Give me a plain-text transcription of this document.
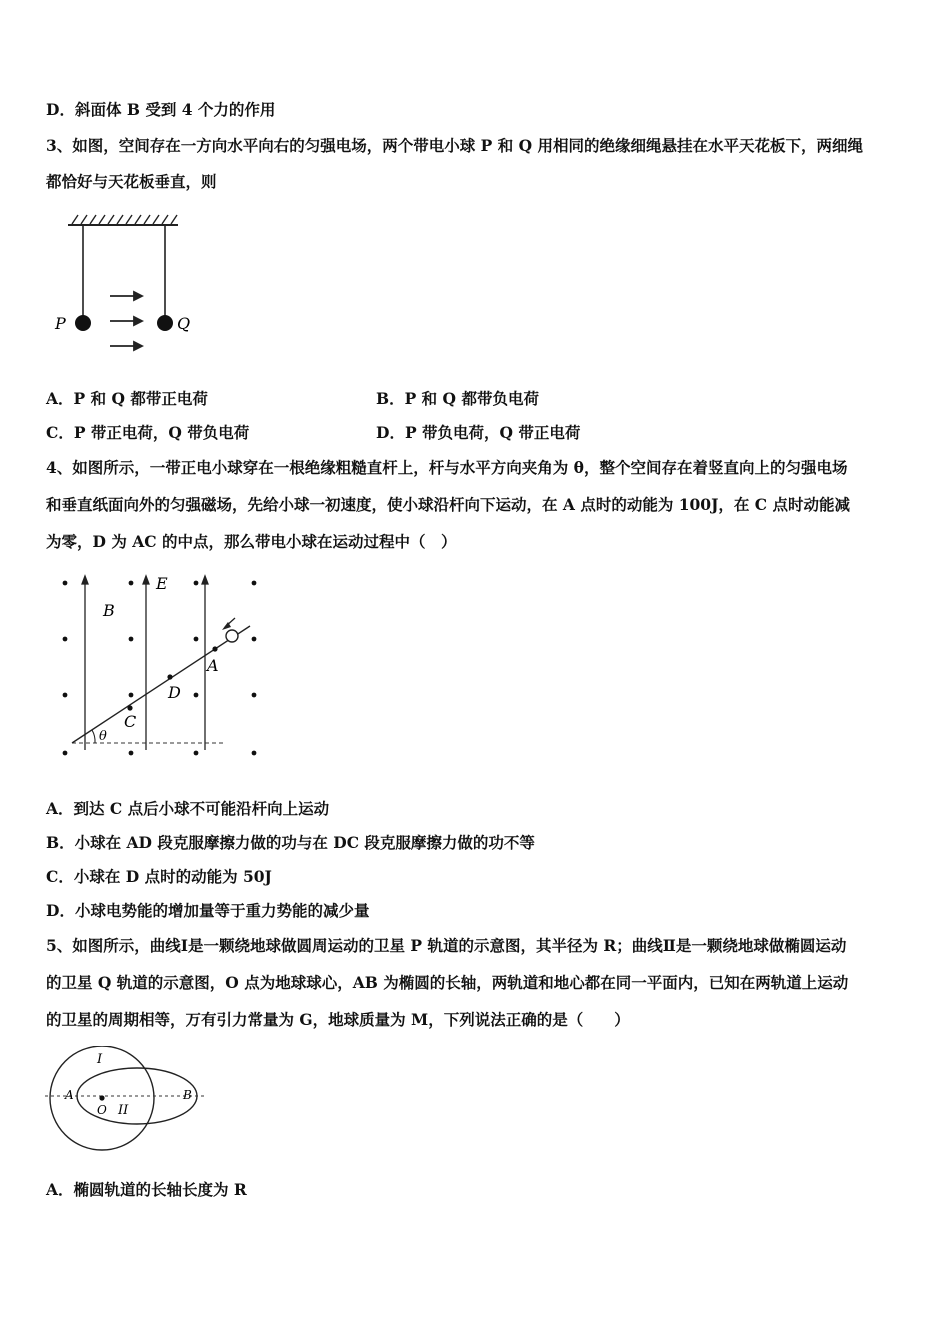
D．斜面体 B 受到 4 个力的作用
3、如图，空间存在一方向水平向右的匀强电场，两个带电小球 P 和 Q 用相同的绝缘细绳悬挂在水平天花板下，两细绳
都恰好与天花板垂直，则
P	Q
A．P 和 Q 都带正电荷	B．P 和 Q 都带负电荷
C．P 带正电荷，Q 带负电荷	D．P 带负电荷，Q 带正电荷
4、如图所示，一带正电小球穿在一根绝缘粗糙直杆上，杆与水平方向夹角为 θ，整个空间存在着竖直向上的匀强电场
和垂直纸面向外的匀强磁场，先给小球一初速度，使小球沿杆向下运动，在 A 点时的动能为 100J，在 C 点时动能减
为零，D 为 AC 的中点，那么带电小球在运动过程中（　）
B
E
A
D
C
θ
A．到达 C 点后小球不可能沿杆向上运动
B．小球在 AD 段克服摩擦力做的功与在 DC 段克服摩擦力做的功不等
C．小球在 D 点时的动能为 50J
D．小球电势能的增加量等于重力势能的减少量
5、如图所示，曲线Ⅰ是一颗绕地球做圆周运动的卫星 P 轨道的示意图，其半径为 R；曲线Ⅱ是一颗绕地球做椭圆运动
的卫星 Q 轨道的示意图，O 点为地球球心，AB 为椭圆的长轴，两轨道和地心都在同一平面内，已知在两轨道上运动
的卫星的周期相等，万有引力常量为 G，地球质量为 M，下列说法正确的是（　　）
I
II
A	B
O
A．椭圆轨道的长轴长度为 R
